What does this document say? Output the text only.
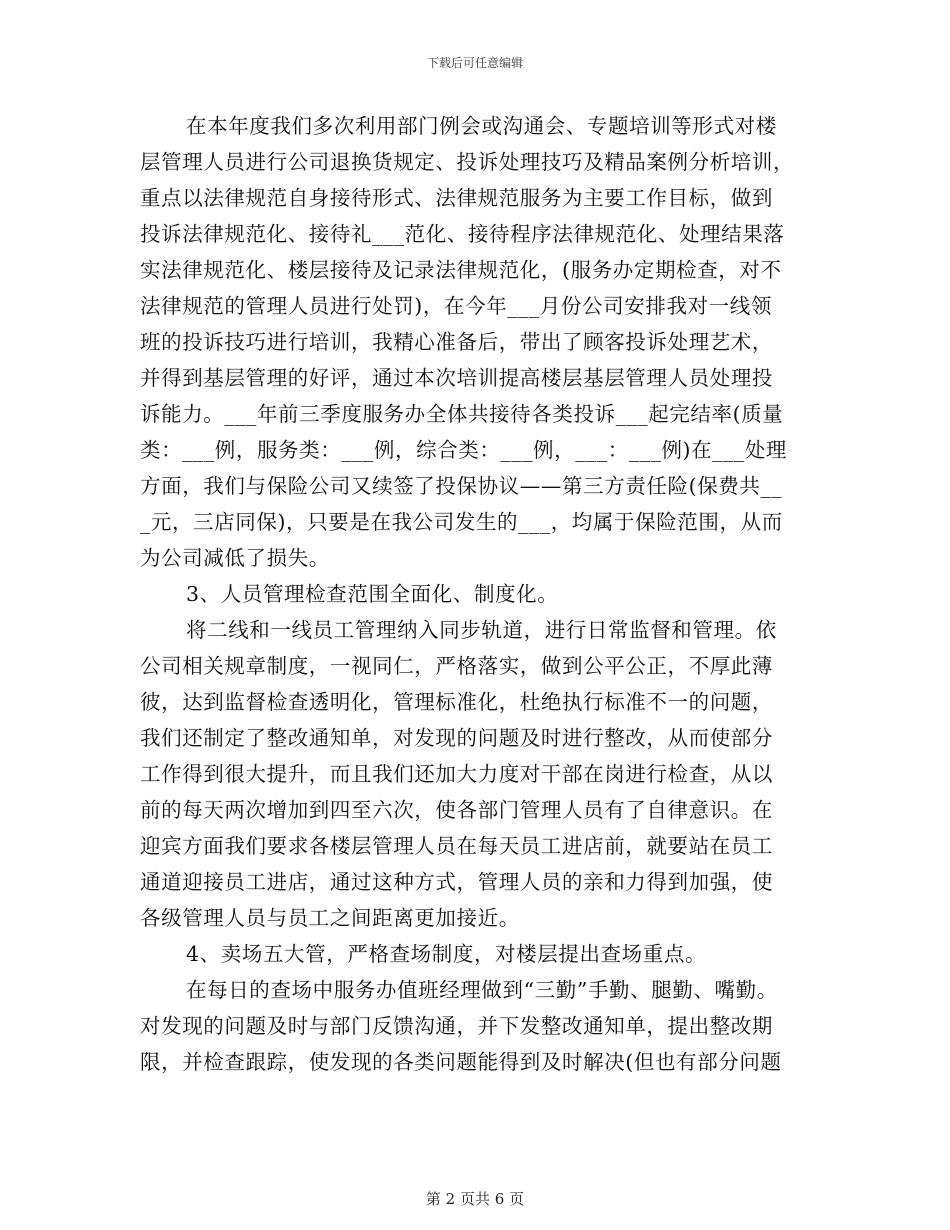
下载后可任意编辑
在本年度我们多次利用部门例会或沟通会、专题培训等形式对楼
层管理人员进行公司退换货规定、投诉处理技巧及精品案例分析培训，
重点以法律规范自身接待形式、法律规范服务为主要工作目标，做到
投诉法律规范化、接待礼___范化、接待程序法律规范化、处理结果落
实法律规范化、楼层接待及记录法律规范化，(服务办定期检查，对不
法律规范的管理人员进行处罚)，在今年___月份公司安排我对一线领
班的投诉技巧进行培训，我精心准备后，带出了顾客投诉处理艺术，
并得到基层管理的好评，通过本次培训提高楼层基层管理人员处理投
诉能力。___年前三季度服务办全体共接待各类投诉___起完结率(质量
类：___例，服务类：___例，综合类：___例，___：___例)在___处理
方面，我们与保险公司又续签了投保协议——第三方责任险(保费共__
_元，三店同保)，只要是在我公司发生的___，均属于保险范围，从而
为公司减低了损失。
3、人员管理检查范围全面化、制度化。
将二线和一线员工管理纳入同步轨道，进行日常监督和管理。依
公司相关规章制度，一视同仁，严格落实，做到公平公正，不厚此薄
彼，达到监督检查透明化，管理标准化，杜绝执行标准不一的问题，
我们还制定了整改通知单，对发现的问题及时进行整改，从而使部分
工作得到很大提升，而且我们还加大力度对干部在岗进行检查，从以
前的每天两次增加到四至六次，使各部门管理人员有了自律意识。在
迎宾方面我们要求各楼层管理人员在每天员工进店前，就要站在员工
通道迎接员工进店，通过这种方式，管理人员的亲和力得到加强，使
各级管理人员与员工之间距离更加接近。
4、卖场五大管，严格查场制度，对楼层提出查场重点。
在每日的查场中服务办值班经理做到“三勤”手勤、腿勤、嘴勤。
对发现的问题及时与部门反馈沟通，并下发整改通知单，提出整改期
限，并检查跟踪，使发现的各类问题能得到及时解决(但也有部分问题
第 2 页共 6 页
